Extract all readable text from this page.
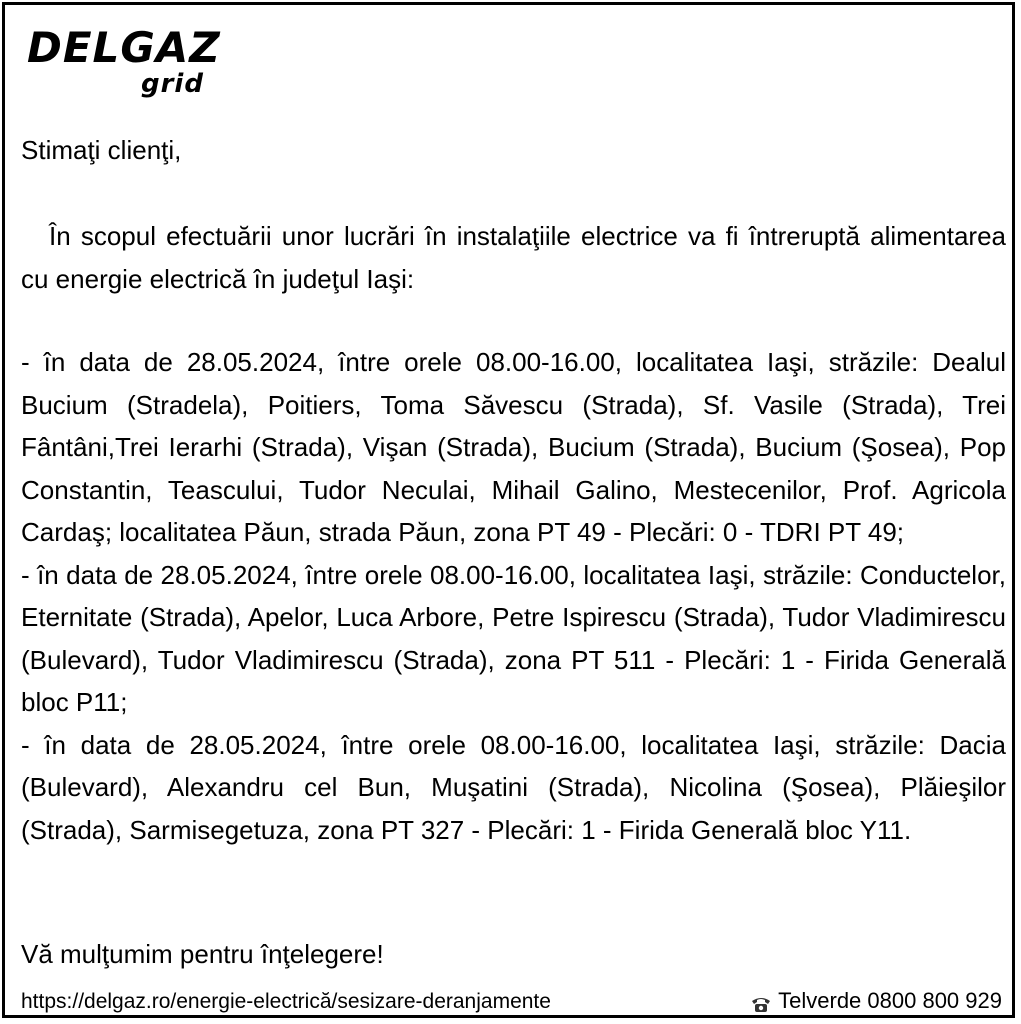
DELGAZ
grid
Stimaţi clienţi,
În scopul efectuării unor lucrări în instalaţiile electrice va fi întreruptă alimentarea cu energie electrică în judeţul Iaşi:

- în data de 28.05.2024, între orele 08.00-16.00, localitatea Iaşi, străzile: Dealul Bucium (Stradela), Poitiers, Toma Săvescu (Strada), Sf. Vasile (Strada), Trei Fântâni,Trei Ierarhi (Strada), Vişan (Strada), Bucium (Strada), Bucium (Şosea), Pop Constantin, Teascului, Tudor Neculai, Mihail Galino, Mestecenilor, Prof. Agricola Cardaş; localitatea Păun, strada Păun, zona PT 49 - Plecări: 0 - TDRI PT 49;

- în data de 28.05.2024, între orele 08.00-16.00, localitatea Iaşi, străzile: Conductelor, Eternitate (Strada), Apelor, Luca Arbore, Petre Ispirescu (Strada), Tudor Vladimirescu (Bulevard), Tudor Vladimirescu (Strada), zona PT 511 - Plecări: 1 - Firida Generală bloc P11;

- în data de 28.05.2024, între orele 08.00-16.00, localitatea Iaşi, străzile: Dacia (Bulevard), Alexandru cel Bun, Muşatini (Strada), Nicolina (Şosea), Plăieşilor (Strada), Sarmisegetuza, zona PT 327 - Plecări: 1 - Firida Generală bloc Y11.

Vă mulţumim pentru înţelegere!
https://delgaz.ro/energie-electrică/sesizare-deranjamente	Telverde 0800 800 929
